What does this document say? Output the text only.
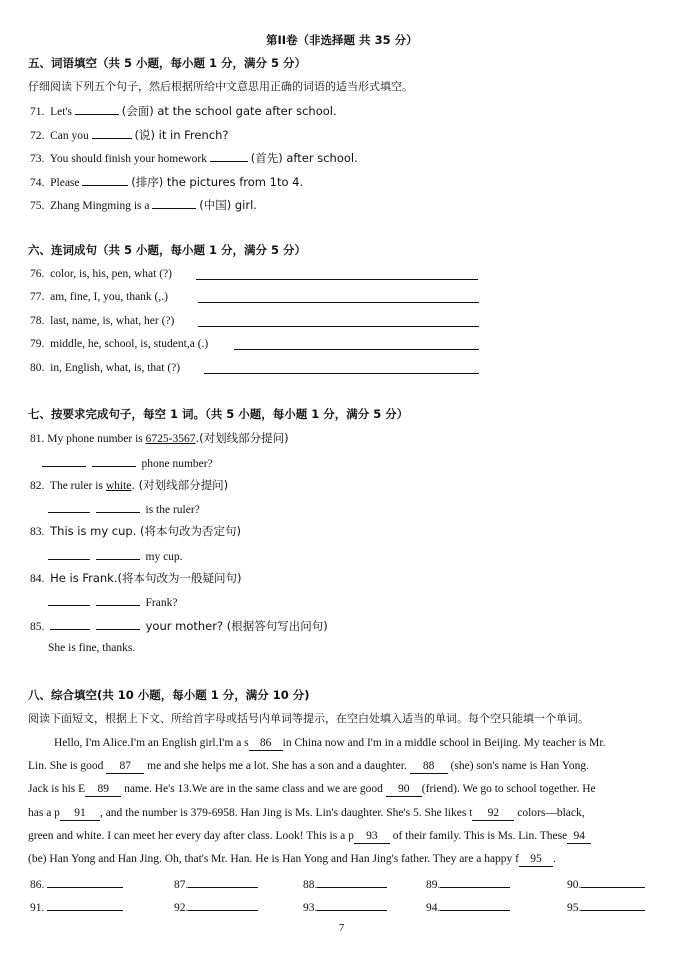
第II卷（非选择题 共 35 分）
五、词语填空（共 5 小题，每小题 1 分，满分 5 分）
仔细阅读下列五个句子，然后根据所给中文意思用正确的词语的适当形式填空。
71. Let's	(会面) at the school gate after school.
72. Can you	(说) it in French?
73. You should finish your homework	(首先) after school.
74. Please	(排序) the pictures from 1to 4.
75. Zhang Mingming is a	(中国) girl.
六、连词成句（共 5 小题，每小题 1 分，满分 5 分）
76. color, is, his, pen, what (?)
77. am, fine, I, you, thank (,.)
78. last, name, is, what, her (?)
79. middle, he, school, is, student,a (.)
80. in, English, what, is, that (?)
七、按要求完成句子，每空 1 词。（共 5 小题，每小题 1 分，满分 5 分）
81. My phone number is 6725-3567.(对划线部分提问)
phone number?
82. The ruler is white. (对划线部分提问)
is the ruler?
83. This is my cup. (将本句改为否定句)
my cup.
84. He is Frank.(将本句改为一般疑问句)
Frank?
85.	your mother? (根据答句写出问句)
She is fine, thanks.
八、综合填空(共 10 小题，每小题 1 分，满分 10 分)
阅读下面短文，根据上下文、所给首字母或括号内单词等提示，在空白处填入适当的单词。每个空只能填一个单词。
Hello, I'm Alice.I'm an English girl.I'm a s 86 in China now and I'm in a middle school in Beijing. My teacher is Mr.
Lin. She is good 87 me and she helps me a lot. She has a son and a daughter. 88 (she) son's name is Han Yong.
Jack is his E 89 name. He's 13.We are in the same class and we are good 90 (friend). We go to school together. He
has a p 91 , and the number is 379-6958. Han Jing is Ms. Lin's daughter. She's 5. She likes t 92 colors—black,
green and white. I can meet her every day after class. Look! This is a p 93 of their family. This is Ms. Lin. These 94
(be) Han Yong and Han Jing. Oh, that's Mr. Han. He is Han Yong and Han Jing's father. They are a happy f 95 .
86.	87.	88.	89.	90.
91.	92.	93.	94.	95.
7
